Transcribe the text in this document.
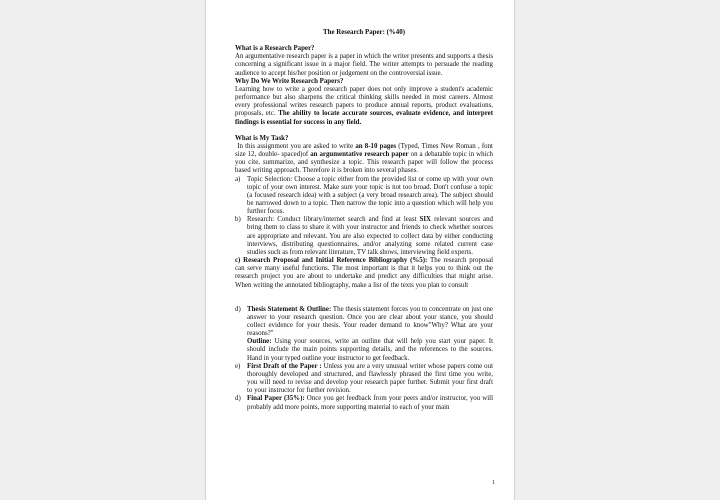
The Research Paper: (%40)
What is a Research Paper?

An argumentative research paper is a paper in which the writer presents and supports a thesis concerning a significant issue in a major field. The writer attempts to persuade the reading audience to accept his/her position or judgement on the controversial issue.

Why Do We Write Research Papers?

Learning how to write a good research paper does not only improve a student's academic performance but also sharpens the critical thinking skills needed in most careers. Almost every professional writes research papers to produce annual reports, product evaluations, proposals, etc. The ability to locate accurate sources, evaluate evidence, and interpret findings is essential for success in any field.

What is My Task?

In this assignment you are asked to write an 8-10 pages (Typed, Times New Roman , font size 12, double- spaced)of an argumentative research paper on a debatable topic in which you cite, summarize, and synthesize a topic. This research paper will follow the process based writing approach. Therefore it is broken into several phases.

a) Topic Selection: Choose a topic either from the provided list or come up with your own topic of your own interest. Make sure your topic is not too broad. Don't confuse a topic (a focused research idea) with a subject (a very broad research area). The subject should be narrowed down to a topic. Then narrow the topic into a question which will help you further focus.
b) Research: Conduct library/internet search and find at least SIX relevant sources and bring them to class to share it with your instructor and friends to check whether sources are appropriate and relevant. You are also expected to collect data by either conducting interviews, distributing questionnaires, and/or analyzing some related current case studies such as from relevant literature, TV talk shows, interviewing field experts.
c) Research Proposal and Initial Reference Bibliography (%5): The research proposal can serve many useful functions. The most important is that it helps you to think out the research project you are about to undertake and predict any difficulties that might arise. When writing the annotated bibliography, make a list of the texts you plan to consult
d) Thesis Statement & Outline: The thesis statement forces you to concentrate on just one answer to your research question. Once you are clear about your stance, you should collect evidence for your thesis. Your reader demand to know"Why? What are your reasons?"
Outline: Using your sources, write an outline that will help you start your paper. It should include the main points supporting details, and the references to the sources. Hand in your typed outline your instructor to get feedback.
e) First Draft of the Paper : Unless you are a very unusual writer whose papers come out thoroughly developed and structured, and flawlessly phrased the first time you write, you will need to revise and develop your research paper further. Submit your first draft to your instructor for further revision.
d) Final Paper (35%): Once you get feedback from your peers and/or instructor, you will probably add more points, more supporting material to each of your main
1
